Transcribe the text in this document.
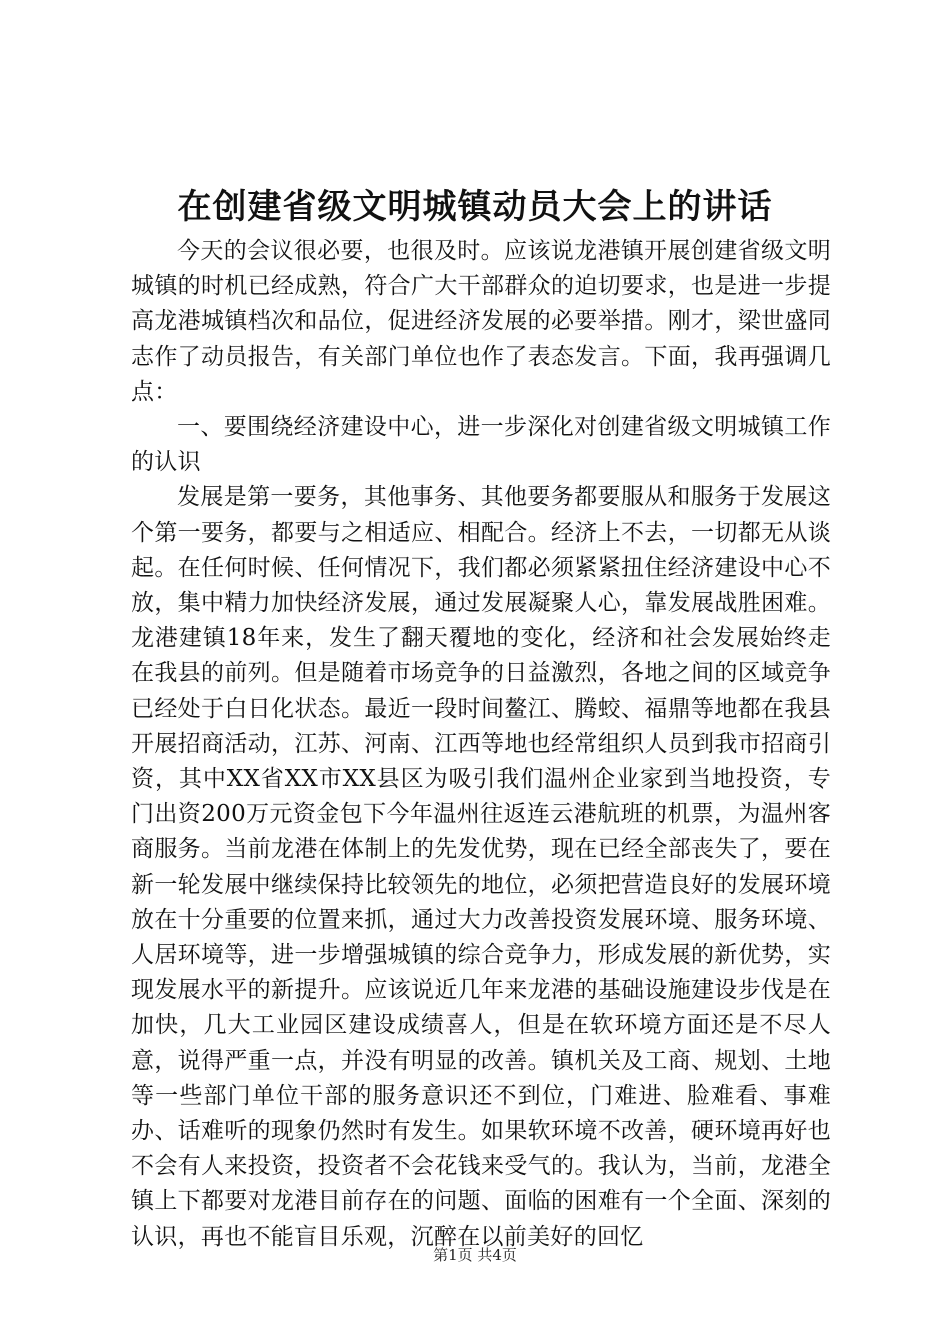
在创建省级文明城镇动员大会上的讲话

今天的会议很必要，也很及时。应该说龙港镇开展创建省级文明城镇的时机已经成熟，符合广大干部群众的迫切要求，也是进一步提高龙港城镇档次和品位，促进经济发展的必要举措。刚才，梁世盛同志作了动员报告，有关部门单位也作了表态发言。下面，我再强调几点：

一、要围绕经济建设中心，进一步深化对创建省级文明城镇工作的认识

发展是第一要务，其他事务、其他要务都要服从和服务于发展这个第一要务，都要与之相适应、相配合。经济上不去，一切都无从谈起。在任何时候、任何情况下，我们都必须紧紧扭住经济建设中心不放，集中精力加快经济发展，通过发展凝聚人心，靠发展战胜困难。龙港建镇18年来，发生了翻天覆地的变化，经济和社会发展始终走在我县的前列。但是随着市场竞争的日益激烈，各地之间的区域竞争已经处于白日化状态。最近一段时间鳌江、腾蛟、福鼎等地都在我县开展招商活动，江苏、河南、江西等地也经常组织人员到我市招商引资，其中XX省XX市XX县区为吸引我们温州企业家到当地投资，专门出资200万元资金包下今年温州往返连云港航班的机票，为温州客商服务。当前龙港在体制上的先发优势，现在已经全部丧失了，要在新一轮发展中继续保持比较领先的地位，必须把营造良好的发展环境放在十分重要的位置来抓，通过大力改善投资发展环境、服务环境、人居环境等，进一步增强城镇的综合竞争力，形成发展的新优势，实现发展水平的新提升。应该说近几年来龙港的基础设施建设步伐是在加快，几大工业园区建设成绩喜人，但是在软环境方面还是不尽人意，说得严重一点，并没有明显的改善。镇机关及工商、规划、土地等一些部门单位干部的服务意识还不到位，门难进、脸难看、事难办、话难听的现象仍然时有发生。如果软环境不改善，硬环境再好也不会有人来投资，投资者不会花钱来受气的。我认为，当前，龙港全镇上下都要对龙港目前存在的问题、面临的困难有一个全面、深刻的认识，再也不能盲目乐观，沉醉在以前美好的回忆

第1页 共4页
